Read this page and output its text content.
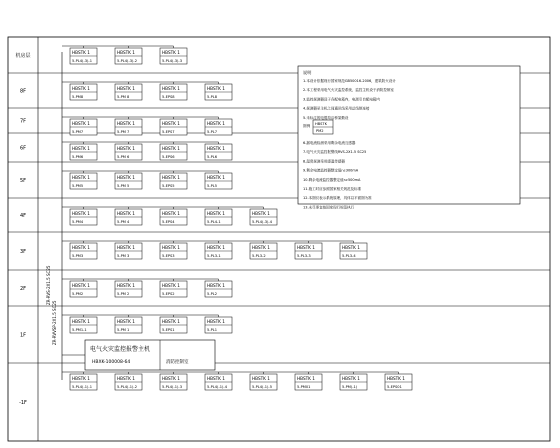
机房层
8F
7F
6F
5F
4F
3F
2F
1F
-1F
HBSTK 1
5-PL4(-3)-1
HBSTK 1
5-PL4(-3)-2
HBSTK 1
5-PL4(-3)-3
HBSTK 1
5-PM8
HBSTK 1
5-PM 8
HBSTK 1
5-EPS8
HBSTK 1
5-PL8
HBSTK 1
5-PM7
HBSTK 1
5-PM 7
HBSTK 1
5-EPS7
HBSTK 1
5-PL7
HBSTK 1
5-PM6
HBSTK 1
5-PM 6
HBSTK 1
5-EPS6
HBSTK 1
5-PL6
HBSTK 1
5-PM5
HBSTK 1
5-PM 5
HBSTK 1
5-EPS5
HBSTK 1
5-PL5
HBSTK 1
5-PM4
HBSTK 1
5-PM 4
HBSTK 1
5-EPS4
HBSTK 1
5-PL4-1
HBSTK 1
5-PL4(-3)-4
HBSTK 1
5-PM3
HBSTK 1
5-PM 3
HBSTK 1
5-EPS3
HBSTK 1
5-PL3-1
HBSTK 1
5-PL3-2
HBSTK 1
5-PL3-3
HBSTK 1
5-PL3-4
HBSTK 1
5-PM2
HBSTK 1
5-PM 2
HBSTK 1
5-EPS2
HBSTK 1
5-PL2
HBSTK 1
5-PM1-1
HBSTK 1
5-PM 1
HBSTK 1
5-EPS1
HBSTK 1
5-PL1
HBSTK 1
5-PL4(-1)-1
HBSTK 1
5-PL4(-1)-2
HBSTK 1
5-PL4(-1)-3
HBSTK 1
5-PL4(-1)-4
HBSTK 1
5-PL4(-1)-5
HBSTK 1
5-PM01
HBSTK 1
5-PM(-1)
HBSTK 1
5-EPS01
ZR-RVVSP-2X1.5 SC25
ZR-RVS-2X1.5 SC25
说明
1.本设计依据现行国家规范GB50016-2006，建筑防火设计
2.本工程采用电气火灾监控系统，监控主机设于消防控制室
3.监控探测器设于各配电箱内，电源引自配电箱内
4.探测器至主机之间通讯线采用总线制连接
5.未标注的电缆均沿桥架敷设
6.漏电流检测采用剩余电流互感器
7.电气火灾监控报警线RVS-2X1.5 SC25
8.温度探测采用感温传感器
9.剩余电流监控器整定值r≤300mA
10.剩余电流监控器整定值r≥500mA
11.施工时应参照国家相关规范及标准
12.本图仅表示系统原理，具体以平面图为准
13.未尽事宜按国家现行规范执行
图例 HBSTK
PM2
电气火灾监控报警主机
HBXK-100008-64	消防控制室
